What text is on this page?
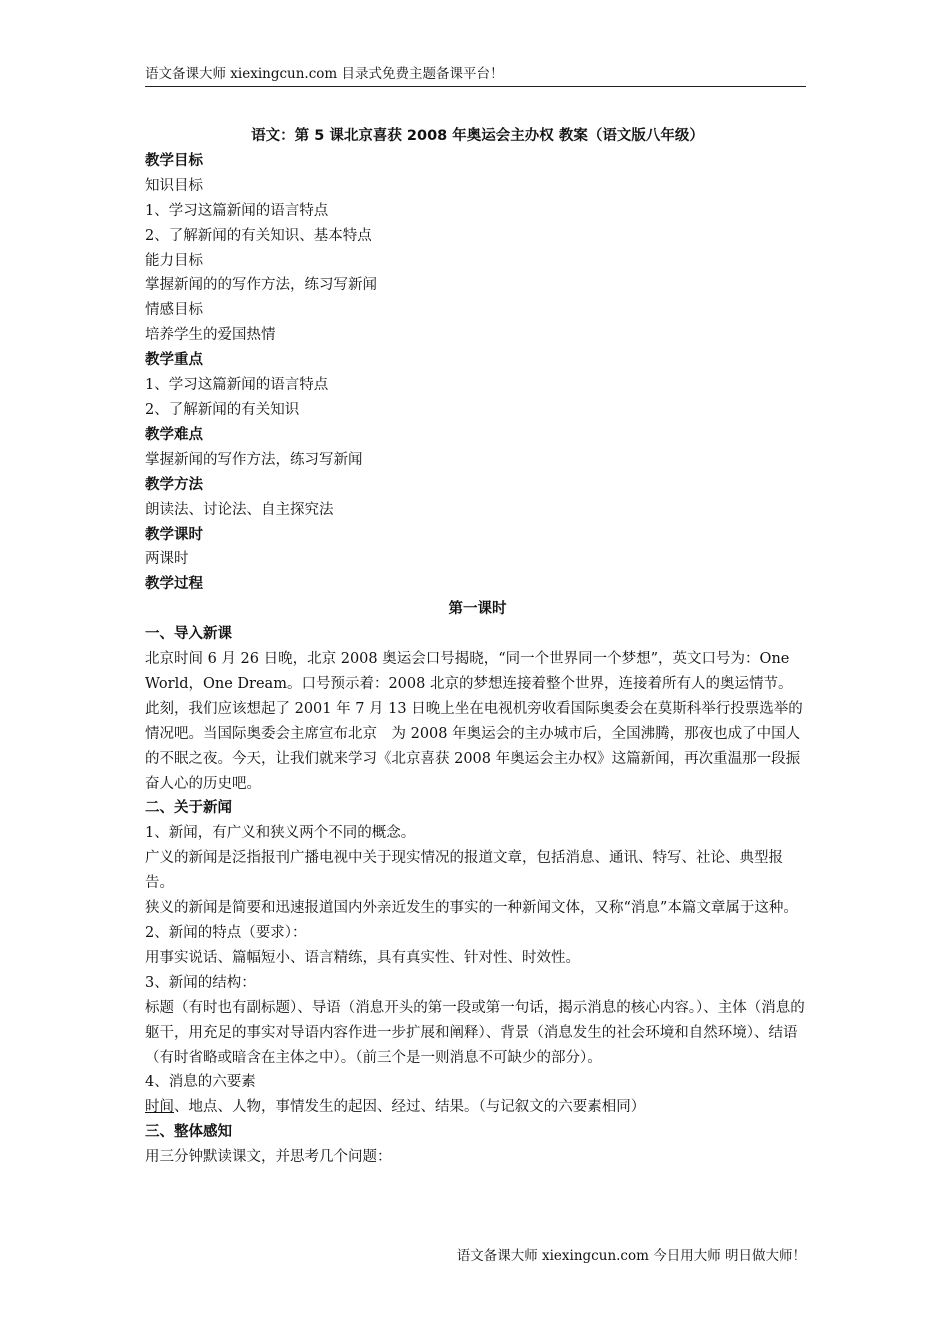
语文备课大师 xiexingcun.com 目录式免费主题备课平台！
语文：第 5 课北京喜获 2008 年奥运会主办权 教案（语文版八年级）
教学目标
知识目标
1、学习这篇新闻的语言特点
2、了解新闻的有关知识、基本特点
能力目标
掌握新闻的的写作方法，练习写新闻
情感目标
培养学生的爱国热情
教学重点
1、学习这篇新闻的语言特点
2、了解新闻的有关知识
教学难点
掌握新闻的写作方法，练习写新闻
教学方法
朗读法、讨论法、自主探究法
教学课时
两课时
教学过程
第一课时
一、导入新课

北京时间 6 月 26 日晚，北京 2008 奥运会口号揭晓，“同一个世界同一个梦想”，英文口号为：One World，One Dream。口号预示着：2008 北京的梦想连接着整个世界，连接着所有人的奥运情节。

此刻，我们应该想起了 2001 年 7 月 13 日晚上坐在电视机旁收看国际奥委会在莫斯科举行投票选举的情况吧。当国际奥委会主席宣布北京　为 2008 年奥运会的主办城市后，全国沸腾，那夜也成了中国人的不眠之夜。今天，让我们就来学习《北京喜获 2008 年奥运会主办权》这篇新闻，再次重温那一段振奋人心的历史吧。

二、关于新闻
1、新闻，有广义和狭义两个不同的概念。

广义的新闻是泛指报刊广播电视中关于现实情况的报道文章，包括消息、通讯、特写、社论、典型报告。

狭义的新闻是简要和迅速报道国内外亲近发生的事实的一种新闻文体，又称“消息”本篇文章属于这种。

2、新闻的特点（要求）：
用事实说话、篇幅短小、语言精练，具有真实性、针对性、时效性。
3、新闻的结构：

标题（有时也有副标题）、导语（消息开头的第一段或第一句话，揭示消息的核心内容。）、主体（消息的躯干，用充足的事实对导语内容作进一步扩展和阐释）、背景（消息发生的社会环境和自然环境）、结语（有时省略或暗含在主体之中）。（前三个是一则消息不可缺少的部分）。

4、消息的六要素
时间、地点、人物，事情发生的起因、经过、结果。（与记叙文的六要素相同）
三、整体感知
用三分钟默读课文，并思考几个问题：
语文备课大师 xiexingcun.com 今日用大师 明日做大师！
